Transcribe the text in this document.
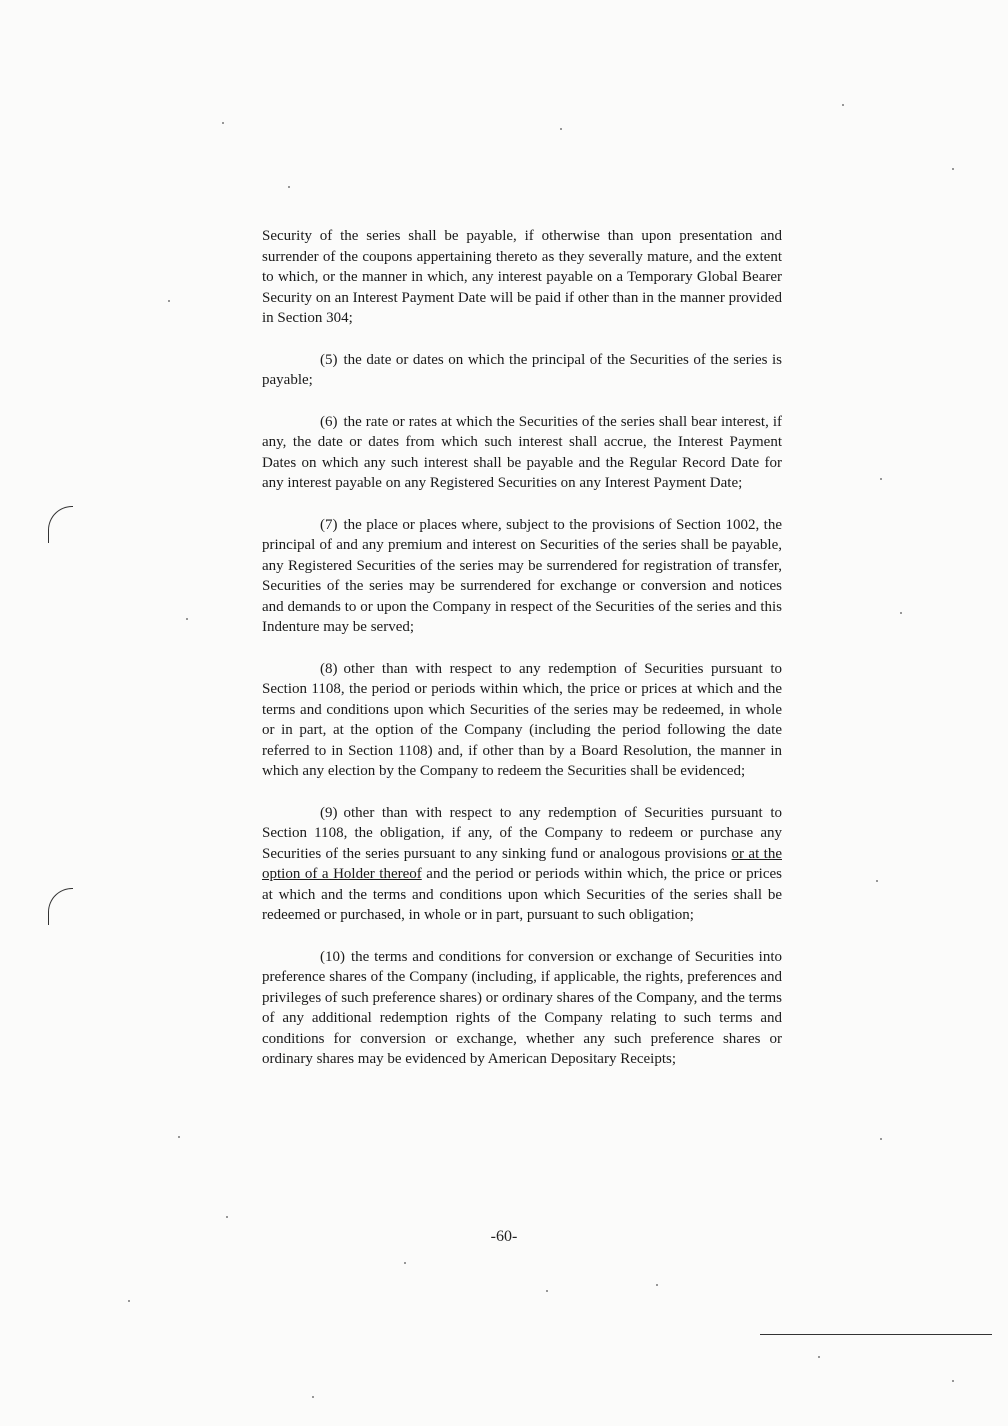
Security of the series shall be payable, if otherwise than upon presentation and surrender of the coupons appertaining thereto as they severally mature, and the extent to which, or the manner in which, any interest payable on a Temporary Global Bearer Security on an Interest Payment Date will be paid if other than in the manner provided in Section 304;

(5) the date or dates on which the principal of the Securities of the series is payable;

(6) the rate or rates at which the Securities of the series shall bear interest, if any, the date or dates from which such interest shall accrue, the Interest Payment Dates on which any such interest shall be payable and the Regular Record Date for any interest payable on any Registered Securities on any Interest Payment Date;

(7) the place or places where, subject to the provisions of Section 1002, the principal of and any premium and interest on Securities of the series shall be payable, any Registered Securities of the series may be surrendered for registration of transfer, Securities of the series may be surrendered for exchange or conversion and notices and demands to or upon the Company in respect of the Securities of the series and this Indenture may be served;

(8) other than with respect to any redemption of Securities pursuant to Section 1108, the period or periods within which, the price or prices at which and the terms and conditions upon which Securities of the series may be redeemed, in whole or in part, at the option of the Company (including the period following the date referred to in Section 1108) and, if other than by a Board Resolution, the manner in which any election by the Company to redeem the Securities shall be evidenced;

(9) other than with respect to any redemption of Securities pursuant to Section 1108, the obligation, if any, of the Company to redeem or purchase any Securities of the series pursuant to any sinking fund or analogous provisions or at the option of a Holder thereof and the period or periods within which, the price or prices at which and the terms and conditions upon which Securities of the series shall be redeemed or purchased, in whole or in part, pursuant to such obligation;

(10) the terms and conditions for conversion or exchange of Securities into preference shares of the Company (including, if applicable, the rights, preferences and privileges of such preference shares) or ordinary shares of the Company, and the terms of any additional redemption rights of the Company relating to such terms and conditions for conversion or exchange, whether any such preference shares or ordinary shares may be evidenced by American Depositary Receipts;

-60-
